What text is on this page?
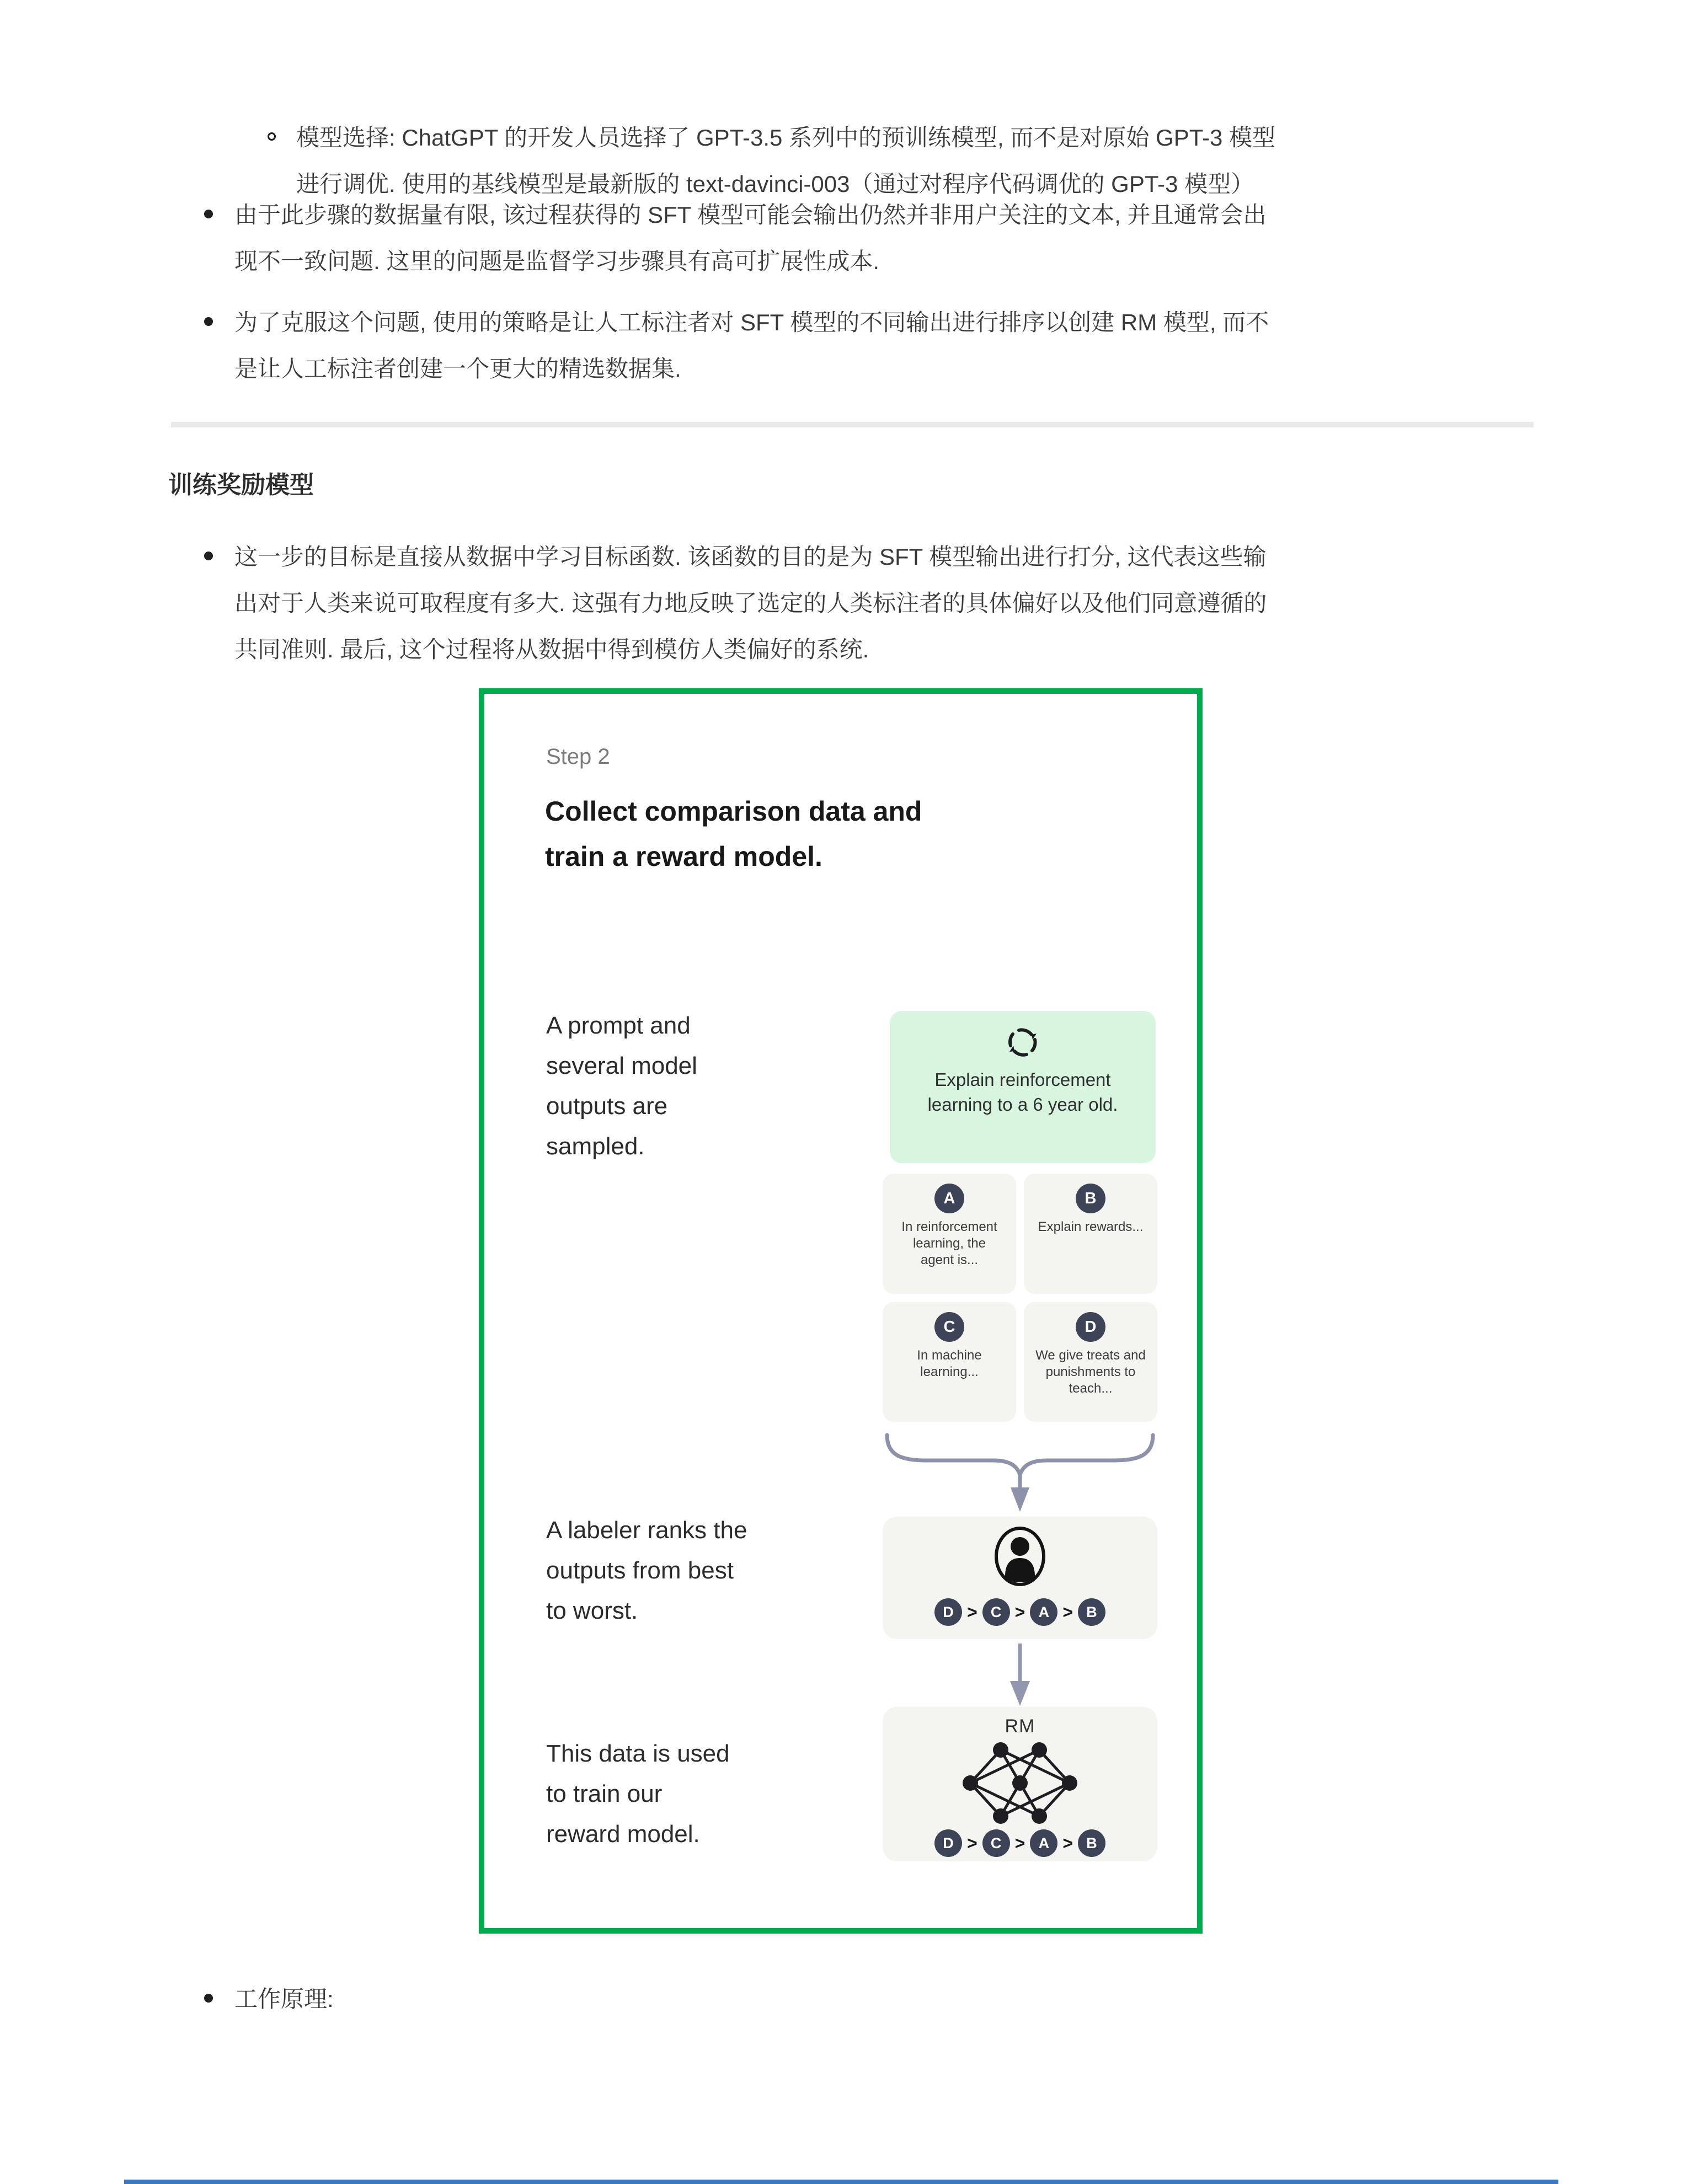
模型选择: ChatGPT 的开发人员选择了 GPT-3.5 系列中的预训练模型, 而不是对原始 GPT-3 模型
进行调优. 使用的基线模型是最新版的 text-davinci-003（通过对程序代码调优的 GPT-3 模型）
由于此步骤的数据量有限, 该过程获得的 SFT 模型可能会输出仍然并非用户关注的文本, 并且通常会出
现不一致问题. 这里的问题是监督学习步骤具有高可扩展性成本.
为了克服这个问题, 使用的策略是让人工标注者对 SFT 模型的不同输出进行排序以创建 RM 模型, 而不
是让人工标注者创建一个更大的精选数据集.
训练奖励模型
这一步的目标是直接从数据中学习目标函数. 该函数的目的是为 SFT 模型输出进行打分, 这代表这些输
出对于人类来说可取程度有多大. 这强有力地反映了选定的人类标注者的具体偏好以及他们同意遵循的
共同准则. 最后, 这个过程将从数据中得到模仿人类偏好的系统.
Step 2
Collect comparison data and
train a reward model.
A prompt and
several model
outputs are
sampled.
A labeler ranks the
outputs from best
to worst.
This data is used
to train our
reward model.
Explain reinforcement
learning to a 6 year old.
A
In reinforcement
learning, the
agent is...
B
Explain rewards...
C
In machine
learning...
D
We give treats and
punishments to
teach...
D > C > A > B
RM
D > C > A > B
工作原理:
